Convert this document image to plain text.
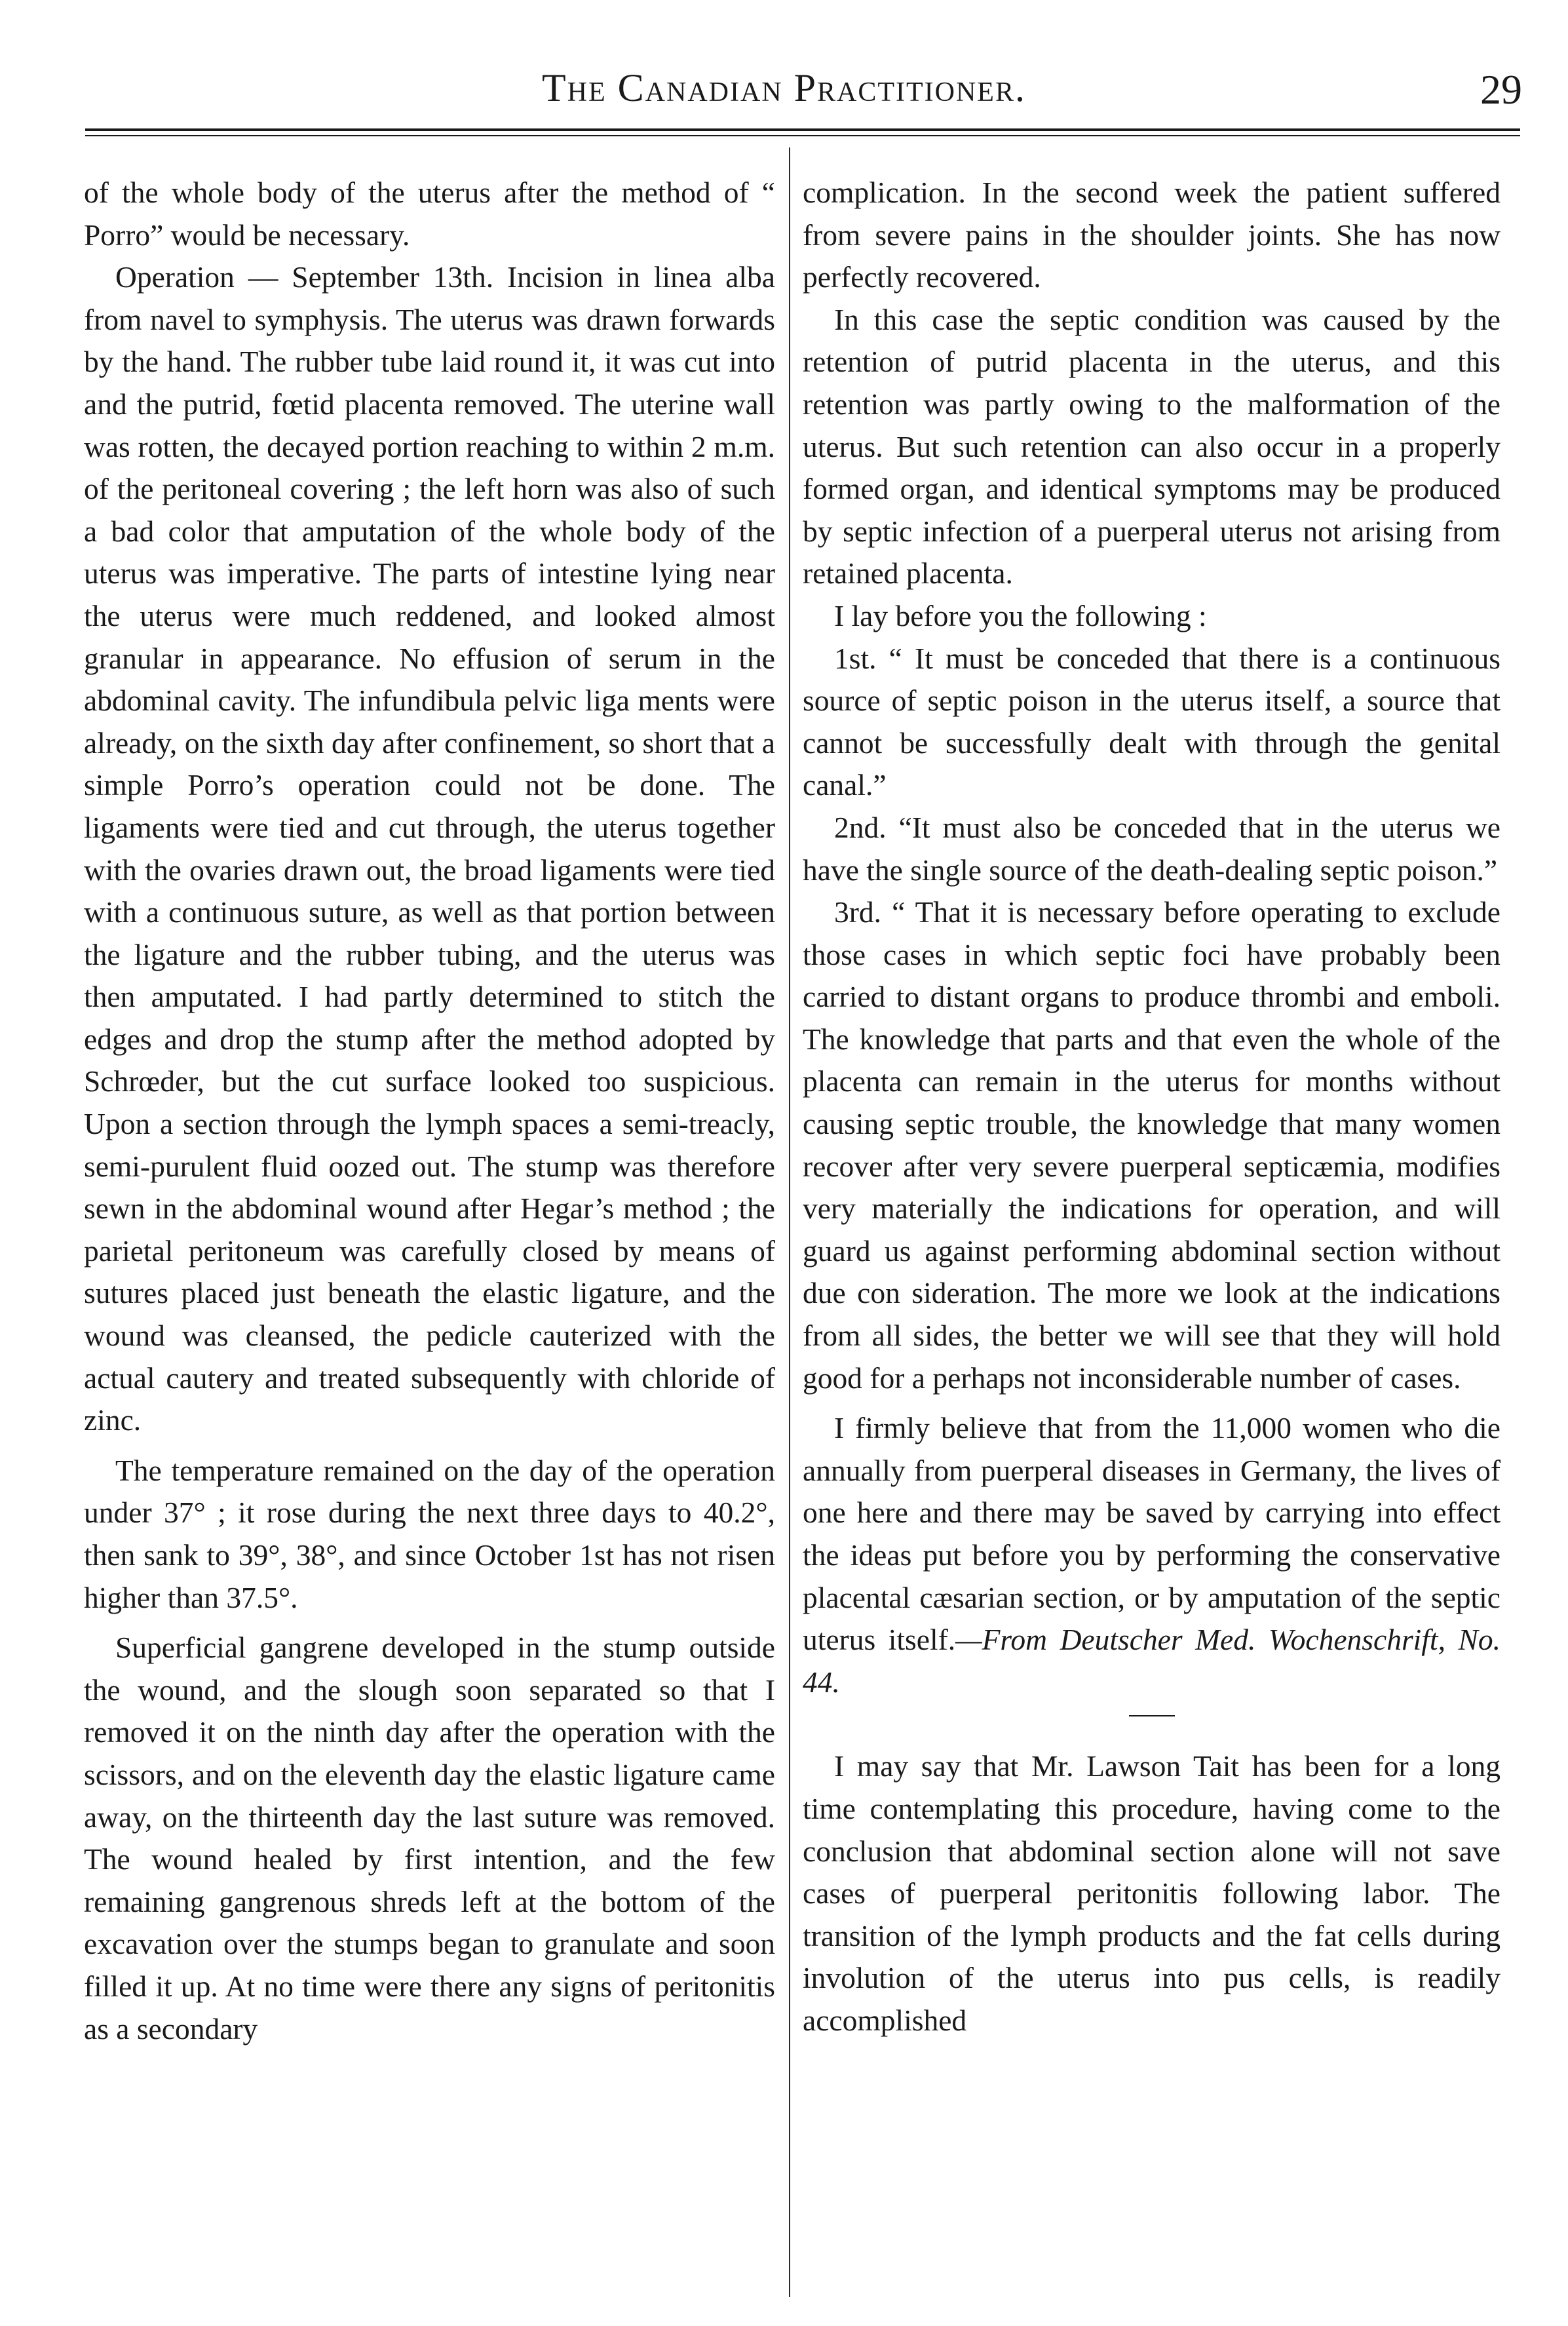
The Canadian Practitioner.	29

of the whole body of the uterus after the method of “ Porro” would be necessary.

Operation — September 13th. Incision in linea alba from navel to symphysis. The uterus was drawn forwards by the hand. The rubber tube laid round it, it was cut into and the putrid, fœtid placenta removed. The uterine wall was rotten, the decayed portion reaching to within 2 m.m. of the peritoneal covering ; the left horn was also of such a bad color that amputation of the whole body of the uterus was imperative. The parts of intestine lying near the uterus were much reddened, and looked almost granular in appearance. No effusion of serum in the abdominal cavity. The infundibula pelvic liga ments were already, on the sixth day after confinement, so short that a simple Porro’s operation could not be done. The ligaments were tied and cut through, the uterus together with the ovaries drawn out, the broad ligaments were tied with a continuous suture, as well as that portion between the ligature and the rubber tubing, and the uterus was then amputated. I had partly determined to stitch the edges and drop the stump after the method adopted by Schrœder, but the cut surface looked too suspicious. Upon a section through the lymph spaces a semi-treacly, semi-purulent fluid oozed out. The stump was therefore sewn in the abdominal wound after Hegar’s method ; the parietal peritoneum was carefully closed by means of sutures placed just beneath the elastic ligature, and the wound was cleansed, the pedicle cauterized with the actual cautery and treated subsequently with chloride of zinc.

The temperature remained on the day of the operation under 37° ; it rose during the next three days to 40.2°, then sank to 39°, 38°, and since October 1st has not risen higher than 37.5°.

Superficial gangrene developed in the stump outside the wound, and the slough soon separated so that I removed it on the ninth day after the operation with the scissors, and on the eleventh day the elastic ligature came away, on the thirteenth day the last suture was removed. The wound healed by first intention, and the few remaining gangrenous shreds left at the bottom of the excavation over the stumps began to granulate and soon filled it up. At no time were there any signs of peritonitis as a secondary

complication. In the second week the patient suffered from severe pains in the shoulder joints. She has now perfectly recovered.

In this case the septic condition was caused by the retention of putrid placenta in the uterus, and this retention was partly owing to the malformation of the uterus. But such retention can also occur in a properly formed organ, and identical symptoms may be produced by septic infection of a puerperal uterus not arising from retained placenta.

I lay before you the following :

1st. “ It must be conceded that there is a continuous source of septic poison in the uterus itself, a source that cannot be successfully dealt with through the genital canal.”

2nd. “It must also be conceded that in the uterus we have the single source of the death-dealing septic poison.”

3rd. “ That it is necessary before operating to exclude those cases in which septic foci have probably been carried to distant organs to produce thrombi and emboli. The knowledge that parts and that even the whole of the placenta can remain in the uterus for months without causing septic trouble, the knowledge that many women recover after very severe puerperal septicæmia, modifies very materially the indications for operation, and will guard us against performing abdominal section without due con sideration. The more we look at the indications from all sides, the better we will see that they will hold good for a perhaps not inconsiderable number of cases.

I firmly believe that from the 11,000 women who die annually from puerperal diseases in Germany, the lives of one here and there may be saved by carrying into effect the ideas put before you by performing the conservative placental cæsarian section, or by amputation of the septic uterus itself.—From Deutscher Med. Wochenschrift, No. 44.

I may say that Mr. Lawson Tait has been for a long time contemplating this procedure, having come to the conclusion that abdominal section alone will not save cases of puerperal peritonitis following labor. The transition of the lymph products and the fat cells during involution of the uterus into pus cells, is readily accomplished
